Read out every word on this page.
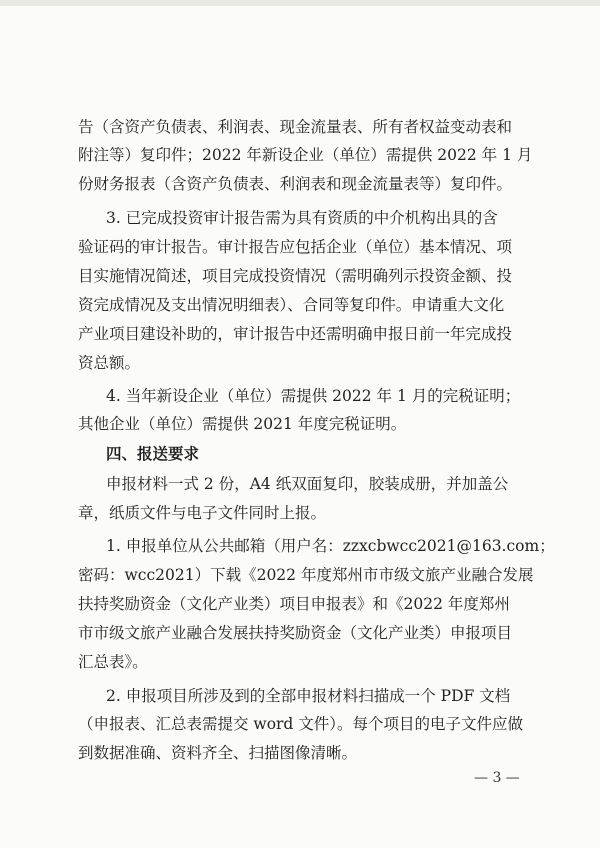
告（含资产负债表、利润表、现金流量表、所有者权益变动表和
附注等）复印件；2022 年新设企业（单位）需提供 2022 年 1 月
份财务报表（含资产负债表、利润表和现金流量表等）复印件。
3. 已完成投资审计报告需为具有资质的中介机构出具的含
验证码的审计报告。审计报告应包括企业（单位）基本情况、项
目实施情况简述，项目完成投资情况（需明确列示投资金额、投
资完成情况及支出情况明细表）、合同等复印件。申请重大文化
产业项目建设补助的，审计报告中还需明确申报日前一年完成投
资总额。
4. 当年新设企业（单位）需提供 2022 年 1 月的完税证明；
其他企业（单位）需提供 2021 年度完税证明。
四、报送要求
申报材料一式 2 份，A4 纸双面复印，胶装成册，并加盖公
章，纸质文件与电子文件同时上报。
1. 申报单位从公共邮箱（用户名：zzxcbwcc2021@163.com；
密码：wcc2021）下载《2022 年度郑州市市级文旅产业融合发展
扶持奖励资金（文化产业类）项目申报表》和《2022 年度郑州
市市级文旅产业融合发展扶持奖励资金（文化产业类）申报项目
汇总表》。
2. 申报项目所涉及到的全部申报材料扫描成一个 PDF 文档
（申报表、汇总表需提交 word 文件）。每个项目的电子文件应做
到数据准确、资料齐全、扫描图像清晰。
— 3 —
